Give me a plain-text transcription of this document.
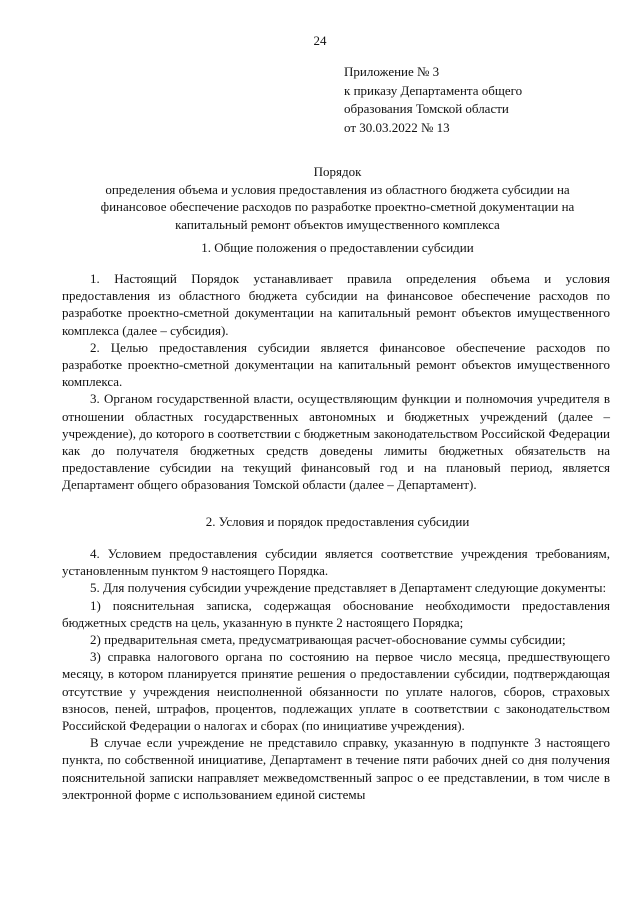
24
Приложение № 3
к приказу Департамента общего
образования Томской области
от 30.03.2022 № 13
Порядок
определения объема и условия предоставления из областного бюджета субсидии на
финансовое обеспечение расходов по разработке проектно-сметной документации на
капитальный ремонт объектов имущественного комплекса
1. Общие положения о предоставлении субсидии

1. Настоящий Порядок устанавливает правила определения объема и условия предоставления из областного бюджета субсидии на финансовое обеспечение расходов по разработке проектно-сметной документации на капитальный ремонт объектов имущественного комплекса (далее – субсидия).

2. Целью предоставления субсидии является финансовое обеспечение расходов по разработке проектно-сметной документации на капитальный ремонт объектов имущественного комплекса.

3. Органом государственной власти, осуществляющим функции и полномочия учредителя в отношении областных государственных автономных и бюджетных учреждений (далее – учреждение), до которого в соответствии с бюджетным законодательством Российской Федерации как до получателя бюджетных средств доведены лимиты бюджетных обязательств на предоставление субсидии на текущий финансовый год и на плановый период, является Департамент общего образования Томской области (далее – Департамент).

2. Условия и порядок предоставления субсидии

4. Условием предоставления субсидии является соответствие учреждения требованиям, установленным пунктом 9 настоящего Порядка.

5. Для получения субсидии учреждение представляет в Департамент следующие документы:

1) пояснительная записка, содержащая обоснование необходимости предоставления бюджетных средств на цель, указанную в пункте 2 настоящего Порядка;

2) предварительная смета, предусматривающая расчет-обоснование суммы субсидии;

3) справка налогового органа по состоянию на первое число месяца, предшествующего месяцу, в котором планируется принятие решения о предоставлении субсидии, подтверждающая отсутствие у учреждения неисполненной обязанности по уплате налогов, сборов, страховых взносов, пеней, штрафов, процентов, подлежащих уплате в соответствии с законодательством Российской Федерации о налогах и сборах (по инициативе учреждения).

В случае если учреждение не представило справку, указанную в подпункте 3 настоящего пункта, по собственной инициативе, Департамент в течение пяти рабочих дней со дня получения пояснительной записки направляет межведомственный запрос о ее представлении, в том числе в электронной форме с использованием единой системы
